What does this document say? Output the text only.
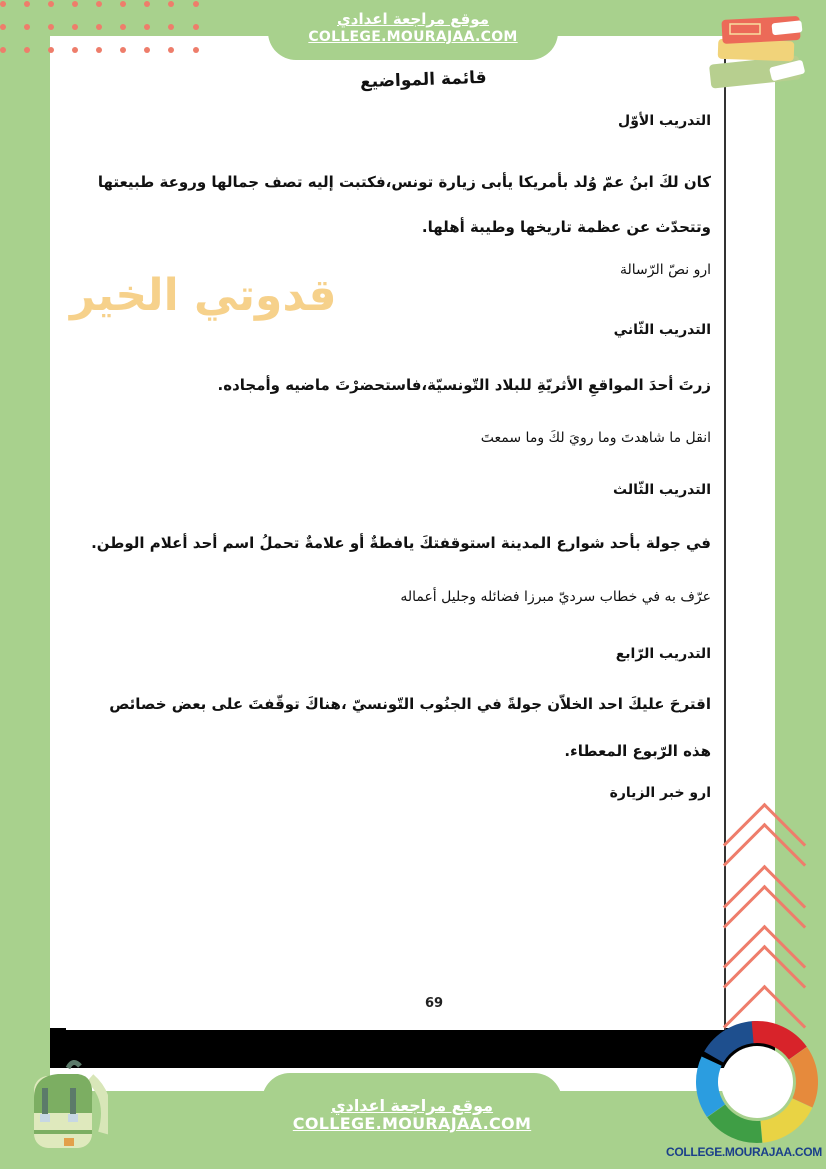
موقع مراجعة اعدادي
COLLEGE.MOURAJAA.COM
قائمة المواضيع
التدريب الأوّل
كان لكَ ابنُ عمّ وُلد بأمريكا يأبى زيارة تونس،فكتبت إليه تصف جمالها وروعة طبيعتها
وتتحدّث عن عظمة تاريخها وطيبة أهلها.
ارو نصّ الرّسالة
قدوتي الخير
التدريب الثّاني
زرتَ أحدَ المواقعِ الأثريّةِ للبلاد التّونسيّة،فاستحضرْتَ ماضيه وأمجاده.
انقل ما شاهدتَ وما رويَ لكَ وما سمعتَ
التدريب الثّالث
في جولة بأحد شوارع المدينة استوقفتكَ يافطةٌ أو علامةٌ تحملُ اسم أحد أعلام الوطن.
عرّف به في خطاب سرديّ مبرزا فضائله وجليل أعماله
التدريب الرّابع
اقترحَ عليكَ احد الخلاّن جولةً في الجنُوب التّونسيّ ،هناكَ توقّفتَ على بعض خصائص
هذه الرّبوع المعطاء.
ارو خبر الزيارة
69
موقع مراجعة اعدادي
COLLEGE.MOURAJAA.COM
COLLEGE.MOURAJAA.COM
